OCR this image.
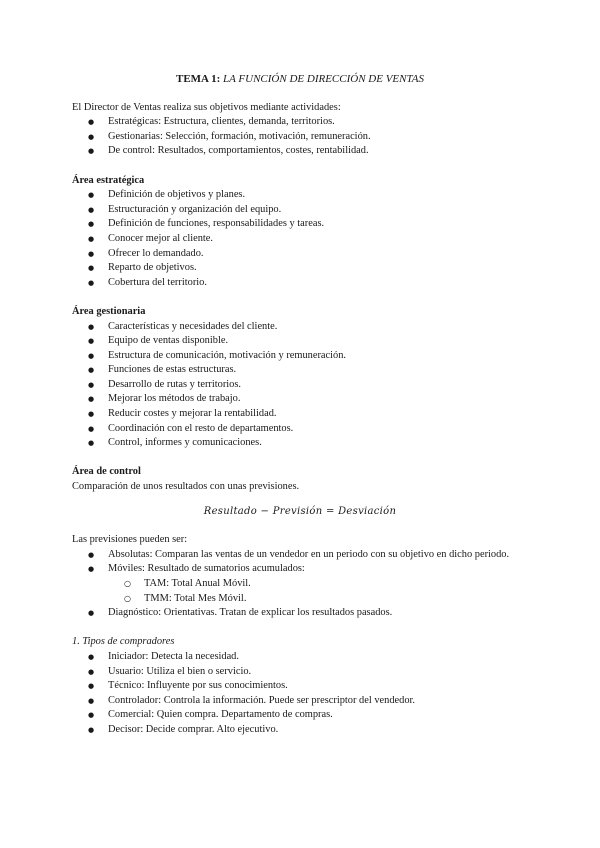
TEMA 1: LA FUNCIÓN DE DIRECCIÓN DE VENTAS

El Director de Ventas realiza sus objetivos mediante actividades:

● Estratégicas: Estructura, clientes, demanda, territorios.
● Gestionarias: Selección, formación, motivación, remuneración.
● De control: Resultados, comportamientos, costes, rentabilidad.

Área estratégica

● Definición de objetivos y planes.
● Estructuración y organización del equipo.
● Definición de funciones, responsabilidades y tareas.
● Conocer mejor al cliente.
● Ofrecer lo demandado.
● Reparto de objetivos.
● Cobertura del territorio.

Área gestionaria

● Características y necesidades del cliente.
● Equipo de ventas disponible.
● Estructura de comunicación, motivación y remuneración.
● Funciones de estas estructuras.
● Desarrollo de rutas y territorios.
● Mejorar los métodos de trabajo.
● Reducir costes y mejorar la rentabilidad.
● Coordinación con el resto de departamentos.
● Control, informes y comunicaciones.

Área de control

Comparación de unos resultados con unas previsiones.

Resultado − Previsión = Desviación

Las previsiones pueden ser:

● Absolutas: Comparan las ventas de un vendedor en un periodo con su objetivo en dicho periodo.
● Móviles: Resultado de sumatorios acumulados:
○ TAM: Total Anual Móvil.
○ TMM: Total Mes Móvil.
● Diagnóstico: Orientativas. Tratan de explicar los resultados pasados.

1. Tipos de compradores

● Iniciador: Detecta la necesidad.
● Usuario: Utiliza el bien o servicio.
● Técnico: Influyente por sus conocimientos.
● Controlador: Controla la información. Puede ser prescriptor del vendedor.
● Comercial: Quien compra. Departamento de compras.
● Decisor: Decide comprar. Alto ejecutivo.
